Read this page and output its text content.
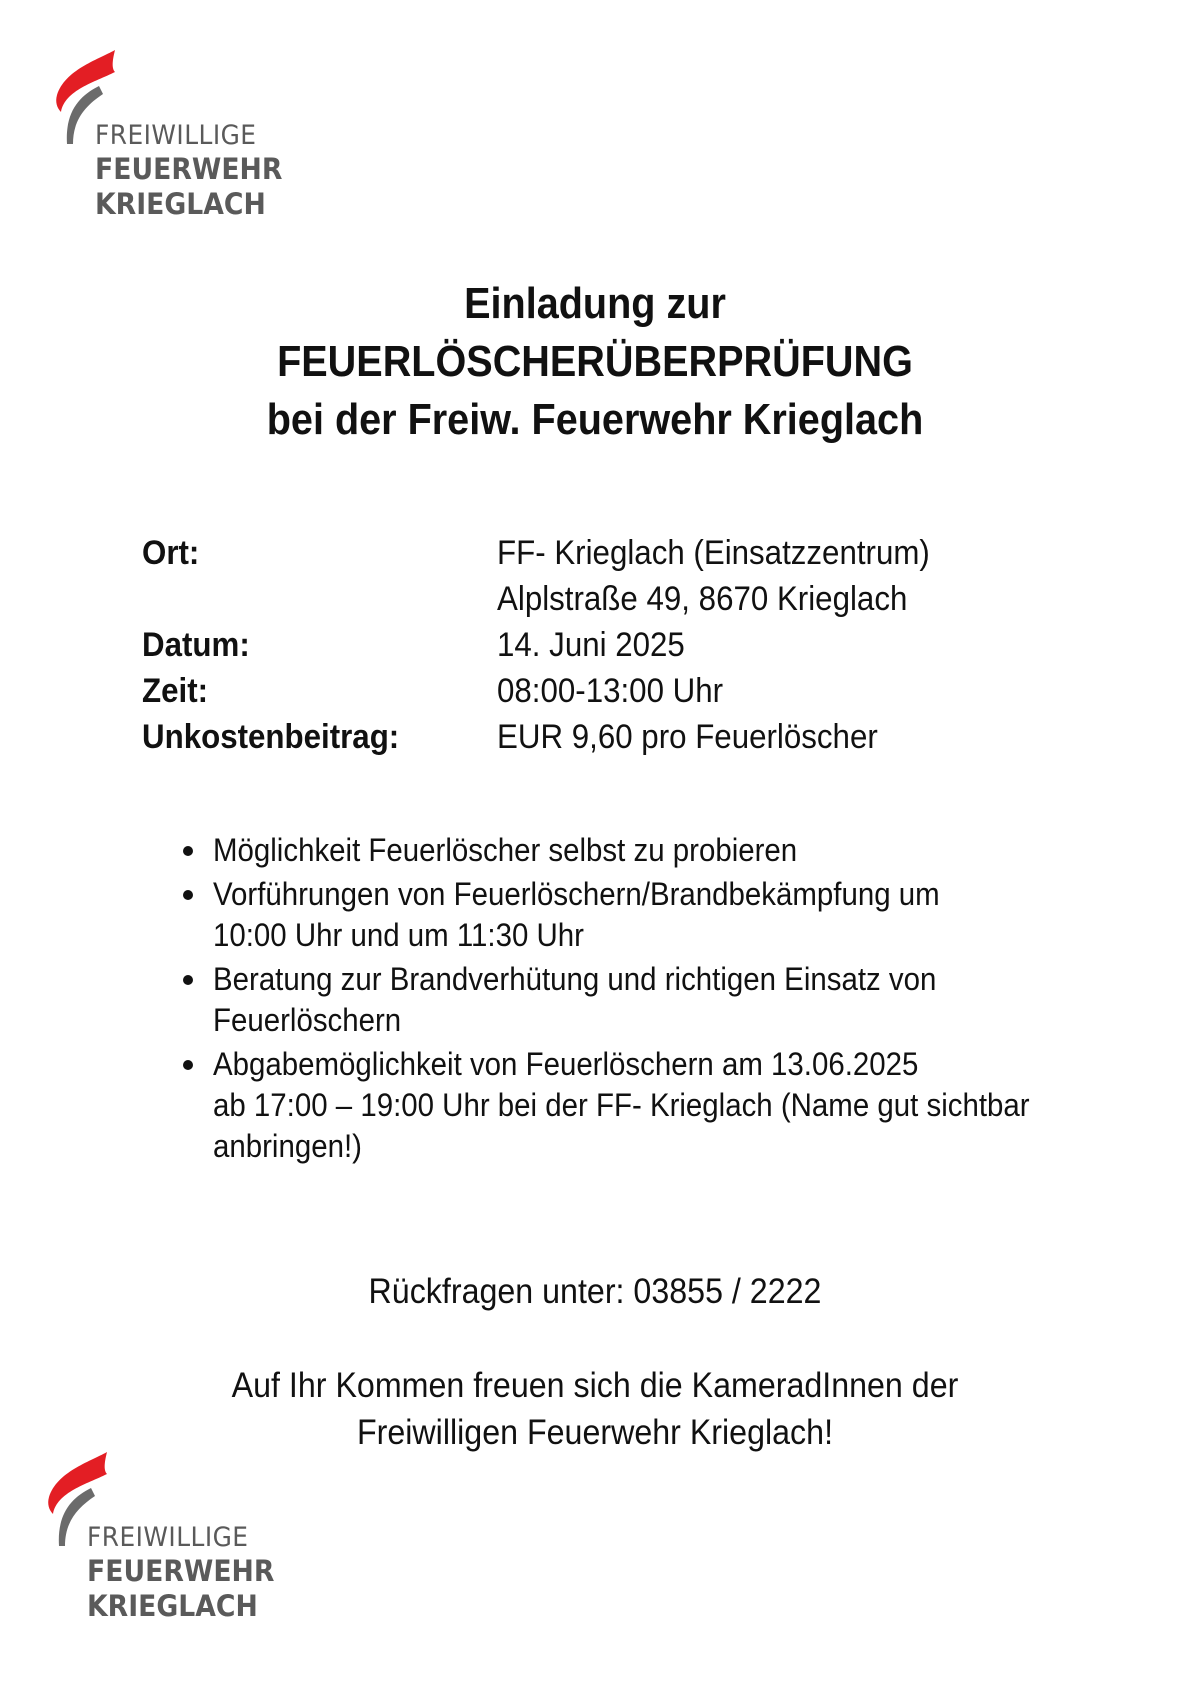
FREIWILLIGE
FEUERWEHR
KRIEGLACH
Einladung zur
FEUERLÖSCHERÜBERPRÜFUNG
bei der Freiw. Feuerwehr Krieglach
Ort:	FF- Krieglach (Einsatzzentrum)
Alplstraße 49, 8670 Krieglach
Datum:	14. Juni 2025
Zeit:	08:00-13:00 Uhr
Unkostenbeitrag:	EUR 9,60 pro Feuerlöscher
Möglichkeit Feuerlöscher selbst zu probieren
Vorführungen von Feuerlöschern/Brandbekämpfung um
10:00 Uhr und um 11:30 Uhr
Beratung zur Brandverhütung und richtigen Einsatz von
Feuerlöschern
Abgabemöglichkeit von Feuerlöschern am 13.06.2025
ab 17:00 – 19:00 Uhr bei der FF- Krieglach (Name gut sichtbar
anbringen!)
Rückfragen unter: 03855 / 2222
Auf Ihr Kommen freuen sich die KameradInnen der
Freiwilligen Feuerwehr Krieglach!
FREIWILLIGE
FEUERWEHR
KRIEGLACH
